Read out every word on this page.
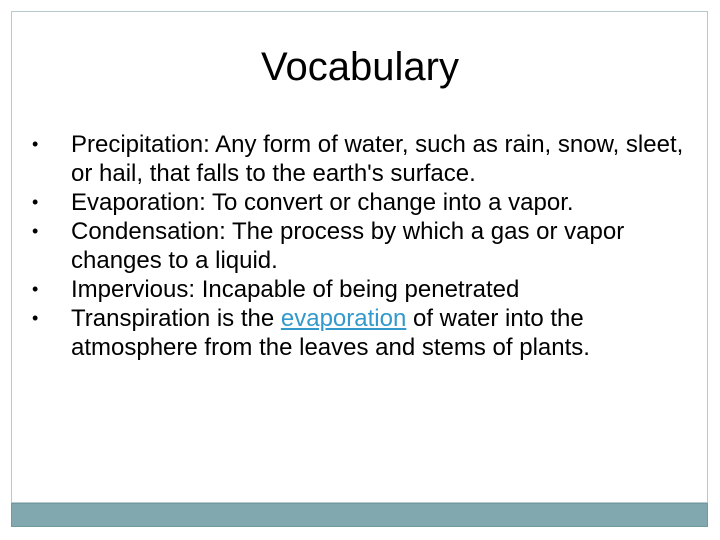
Vocabulary
•	Precipitation: Any form of water, such as rain, snow, sleet, or hail, that falls to the earth's surface.
•	Evaporation: To convert or change into a vapor.
•	Condensation: The process by which a gas or vapor changes to a liquid.
•	Impervious: Incapable of being penetrated
•	Transpiration is the evaporation of water into the atmosphere from the leaves and stems of plants.
